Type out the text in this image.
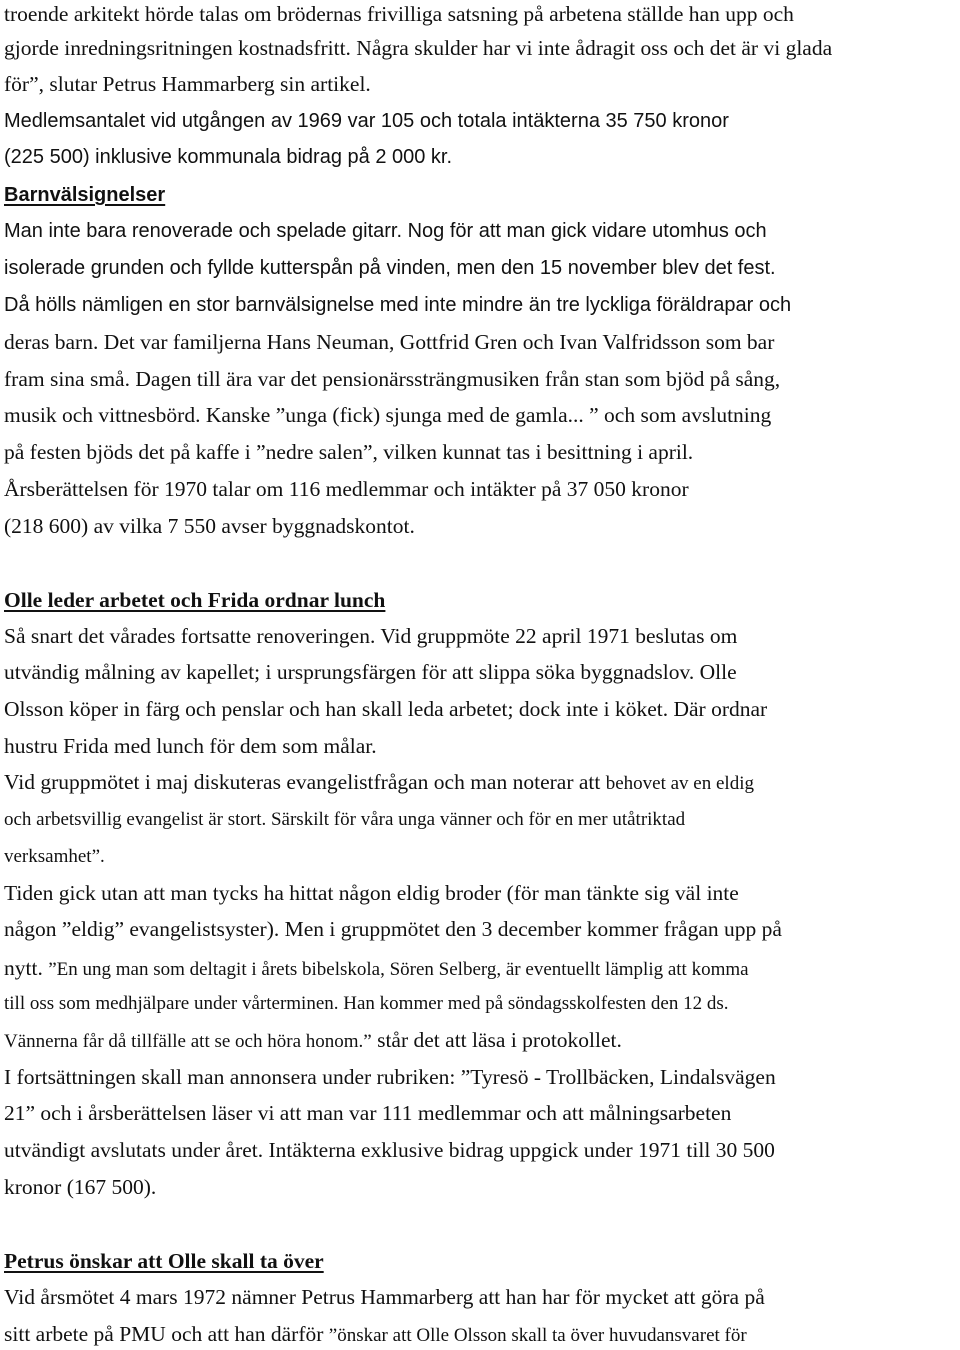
troende arkitekt hörde talas om brödernas frivilliga satsning på arbetena ställde han upp och
gjorde inredningsritningen kostnadsfritt. Några skulder har vi inte ådragit oss och det är vi glada
för”, slutar Petrus Hammarberg sin artikel.
Medlemsantalet vid utgången av 1969 var 105 och totala intäkterna 35 750 kronor
(225 500) inklusive kommunala bidrag på 2 000 kr.
Barnvälsignelser
Man inte bara renoverade och spelade gitarr. Nog för att man gick vidare utomhus och
isolerade grunden och fyllde kutterspån på vinden, men den 15 november blev det fest.
Då hölls nämligen en stor barnvälsignelse med inte mindre än tre lyckliga föräldrapar och
deras barn. Det var familjerna Hans Neuman, Gottfrid Gren och Ivan Valfridsson som bar
fram sina små. Dagen till ära var det pensionärssträngmusiken från stan som bjöd på sång,
musik och vittnesbörd. Kanske ”unga (fick) sjunga med de gamla... ” och som avslutning
på festen bjöds det på kaffe i ”nedre salen”, vilken kunnat tas i besittning i april.
Årsberättelsen för 1970 talar om 116 medlemmar och intäkter på 37 050 kronor
(218 600) av vilka 7 550 avser byggnadskontot.
Olle leder arbetet och Frida ordnar lunch
Så snart det vårades fortsatte renoveringen. Vid gruppmöte 22 april 1971 beslutas om
utvändig målning av kapellet; i ursprungsfärgen för att slippa söka byggnadslov. Olle
Olsson köper in färg och penslar och han skall leda arbetet; dock inte i köket. Där ordnar
hustru Frida med lunch för dem som målar.
Vid gruppmötet i maj diskuteras evangelistfrågan och man noterar att behovet av en eldig
och arbetsvillig evangelist är stort. Särskilt för våra unga vänner och för en mer utåtriktad
verksamhet”.
Tiden gick utan att man tycks ha hittat någon eldig broder (för man tänkte sig väl inte
någon ”eldig” evangelistsyster). Men i gruppmötet den 3 december kommer frågan upp på
nytt. ”En ung man som deltagit i årets bibelskola, Sören Selberg, är eventuellt lämplig att komma
till oss som medhjälpare under vårterminen. Han kommer med på söndagsskolfesten den 12 ds.
Vännerna får då tillfälle att se och höra honom.” står det att läsa i protokollet.
I fortsättningen skall man annonsera under rubriken: ”Tyresö - Trollbäcken, Lindalsvägen
21” och i årsberättelsen läser vi att man var 111 medlemmar och att målningsarbeten
utvändigt avslutats under året. Intäkterna exklusive bidrag uppgick under 1971 till 30 500
kronor (167 500).
Petrus önskar att Olle skall ta över
Vid årsmötet 4 mars 1972 nämner Petrus Hammarberg att han har för mycket att göra på
sitt arbete på PMU och att han därför ”önskar att Olle Olsson skall ta över huvudansvaret för
